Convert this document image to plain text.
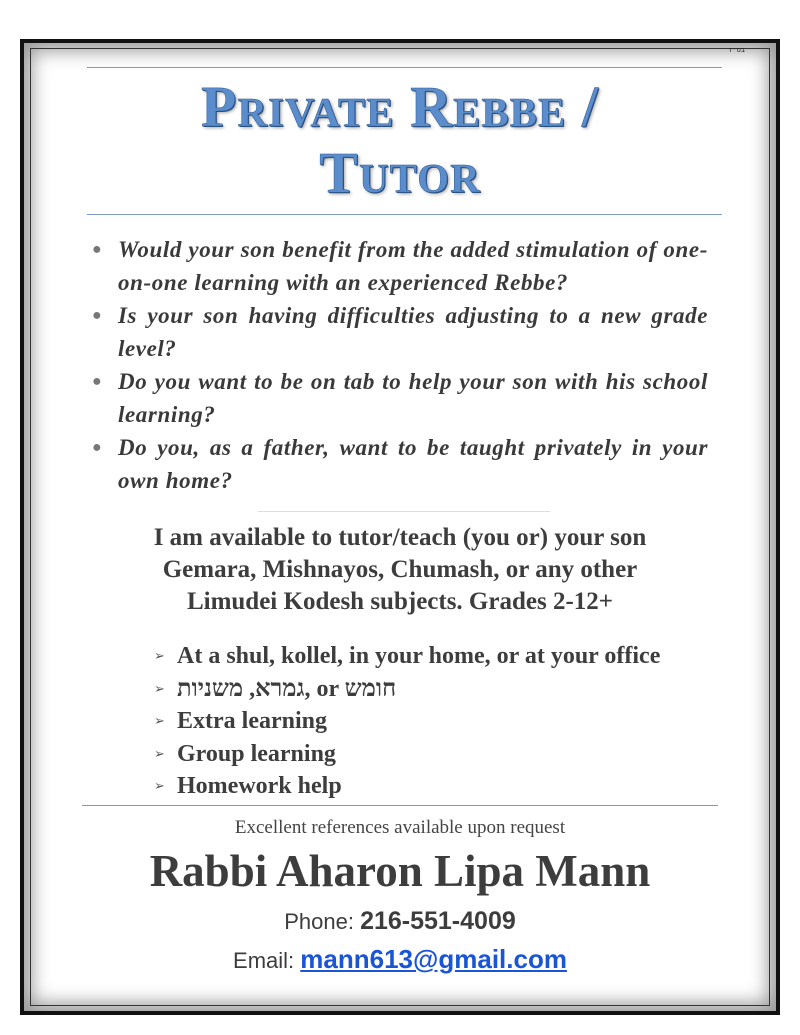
בס״ד
Private Rebbe /
Tutor
● Would your son benefit from the added stimulation of one-on-one learning with an experienced Rebbe?
● Is your son having difficulties adjusting to a new grade level?
● Do you want to be on tab to help your son with his school learning?
● Do you, as a father, want to be taught privately in your own home?
I am available to tutor/teach (you or) your son
Gemara, Mishnayos, Chumash, or any other
Limudei Kodesh subjects. Grades 2-12+
➢ At a shul, kollel, in your home, or at your office
➢ גמרא, משניות, or חומש
➢ Extra learning
➢ Group learning
➢ Homework help
Excellent references available upon request
Rabbi Aharon Lipa Mann
Phone: 216-551-4009
Email: mann613@gmail.com
